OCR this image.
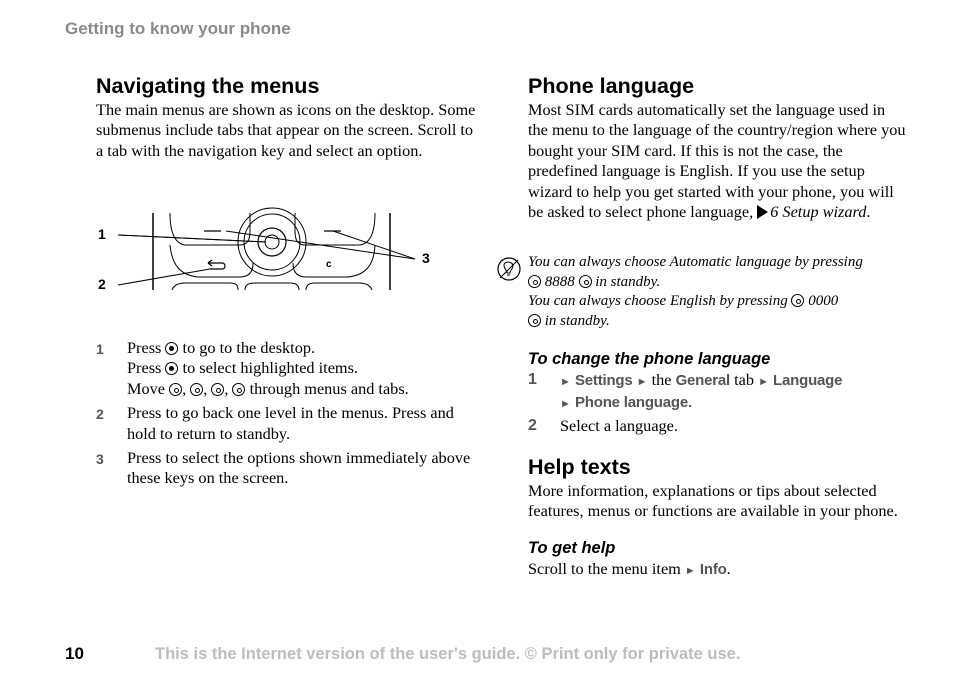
Getting to know your phone
Navigating the menus
The main menus are shown as icons on the desktop. Some submenus include tabs that appear on the screen. Scroll to a tab with the navigation key and select an option.
c
1
2
3
1 Press to go to the desktop.
Press to select highlighted items.
Move , , ,  through menus and tabs.
2 Press to go back one level in the menus. Press and hold to return to standby.
3 Press to select the options shown immediately above these keys on the screen.
Phone language
Most SIM cards automatically set the language used in the menu to the language of the country/region where you bought your SIM card. If this is not the case, the predefined language is English. If you use the setup wizard to help you get started with your phone, you will be asked to select phone language, 6 Setup wizard.
You can always choose Automatic language by pressing
8888 in standby.
You can always choose English by pressing 0000
in standby.
To change the phone language
1 ► Settings ► the General tab ► Language
► Phone language.
2 Select a language.
Help texts
More information, explanations or tips about selected features, menus or functions are available in your phone.
To get help
Scroll to the menu item ► Info.
10	This is the Internet version of the user's guide. © Print only for private use.
